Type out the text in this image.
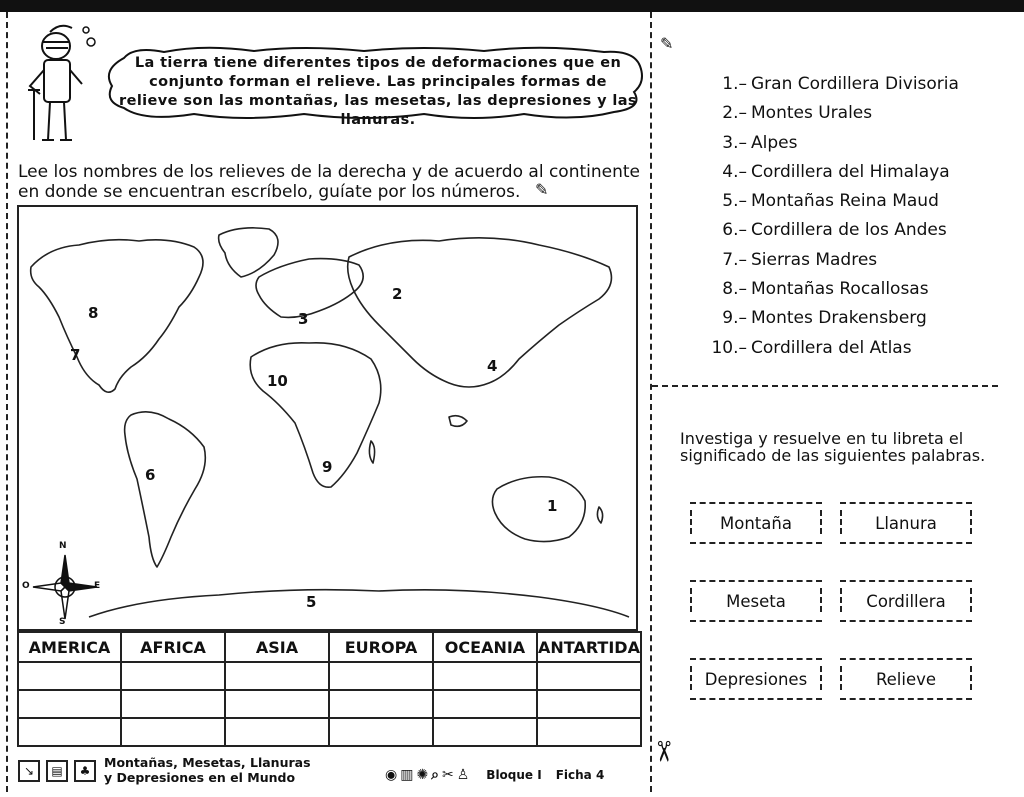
La tierra tiene diferentes tipos de deformaciones que en conjunto forman el relieve. Las principales formas de relieve son las montañas, las mesetas, las depresiones y las llanuras.
Lee los nombres de los relieves de la derecha y de acuerdo al continente en donde se encuentran escríbelo, guíate por los números. ✎
✎
1
2
3
4
5
6
7
8
9
10
N
S
E
O
AMERICA	AFRICA	ASIA	EUROPA	OCEANIA	ANTARTIDA

↘	▤	♣
Montañas, Mesetas, Llanuras
y Depresiones en el Mundo	◉▥✺⌕✂♙ Bloque I Ficha 4
✂
1.– Gran Cordillera Divisoria
2.– Montes Urales
3.– Alpes
4.– Cordillera del Himalaya
5.– Montañas Reina Maud
6.– Cordillera de los Andes
7.– Sierras Madres
8.– Montañas Rocallosas
9.– Montes Drakensberg
10.– Cordillera del Atlas
Investiga y resuelve en tu libreta el significado de las siguientes palabras.
Montaña	Llanura
Meseta	Cordillera
Depresiones	Relieve
